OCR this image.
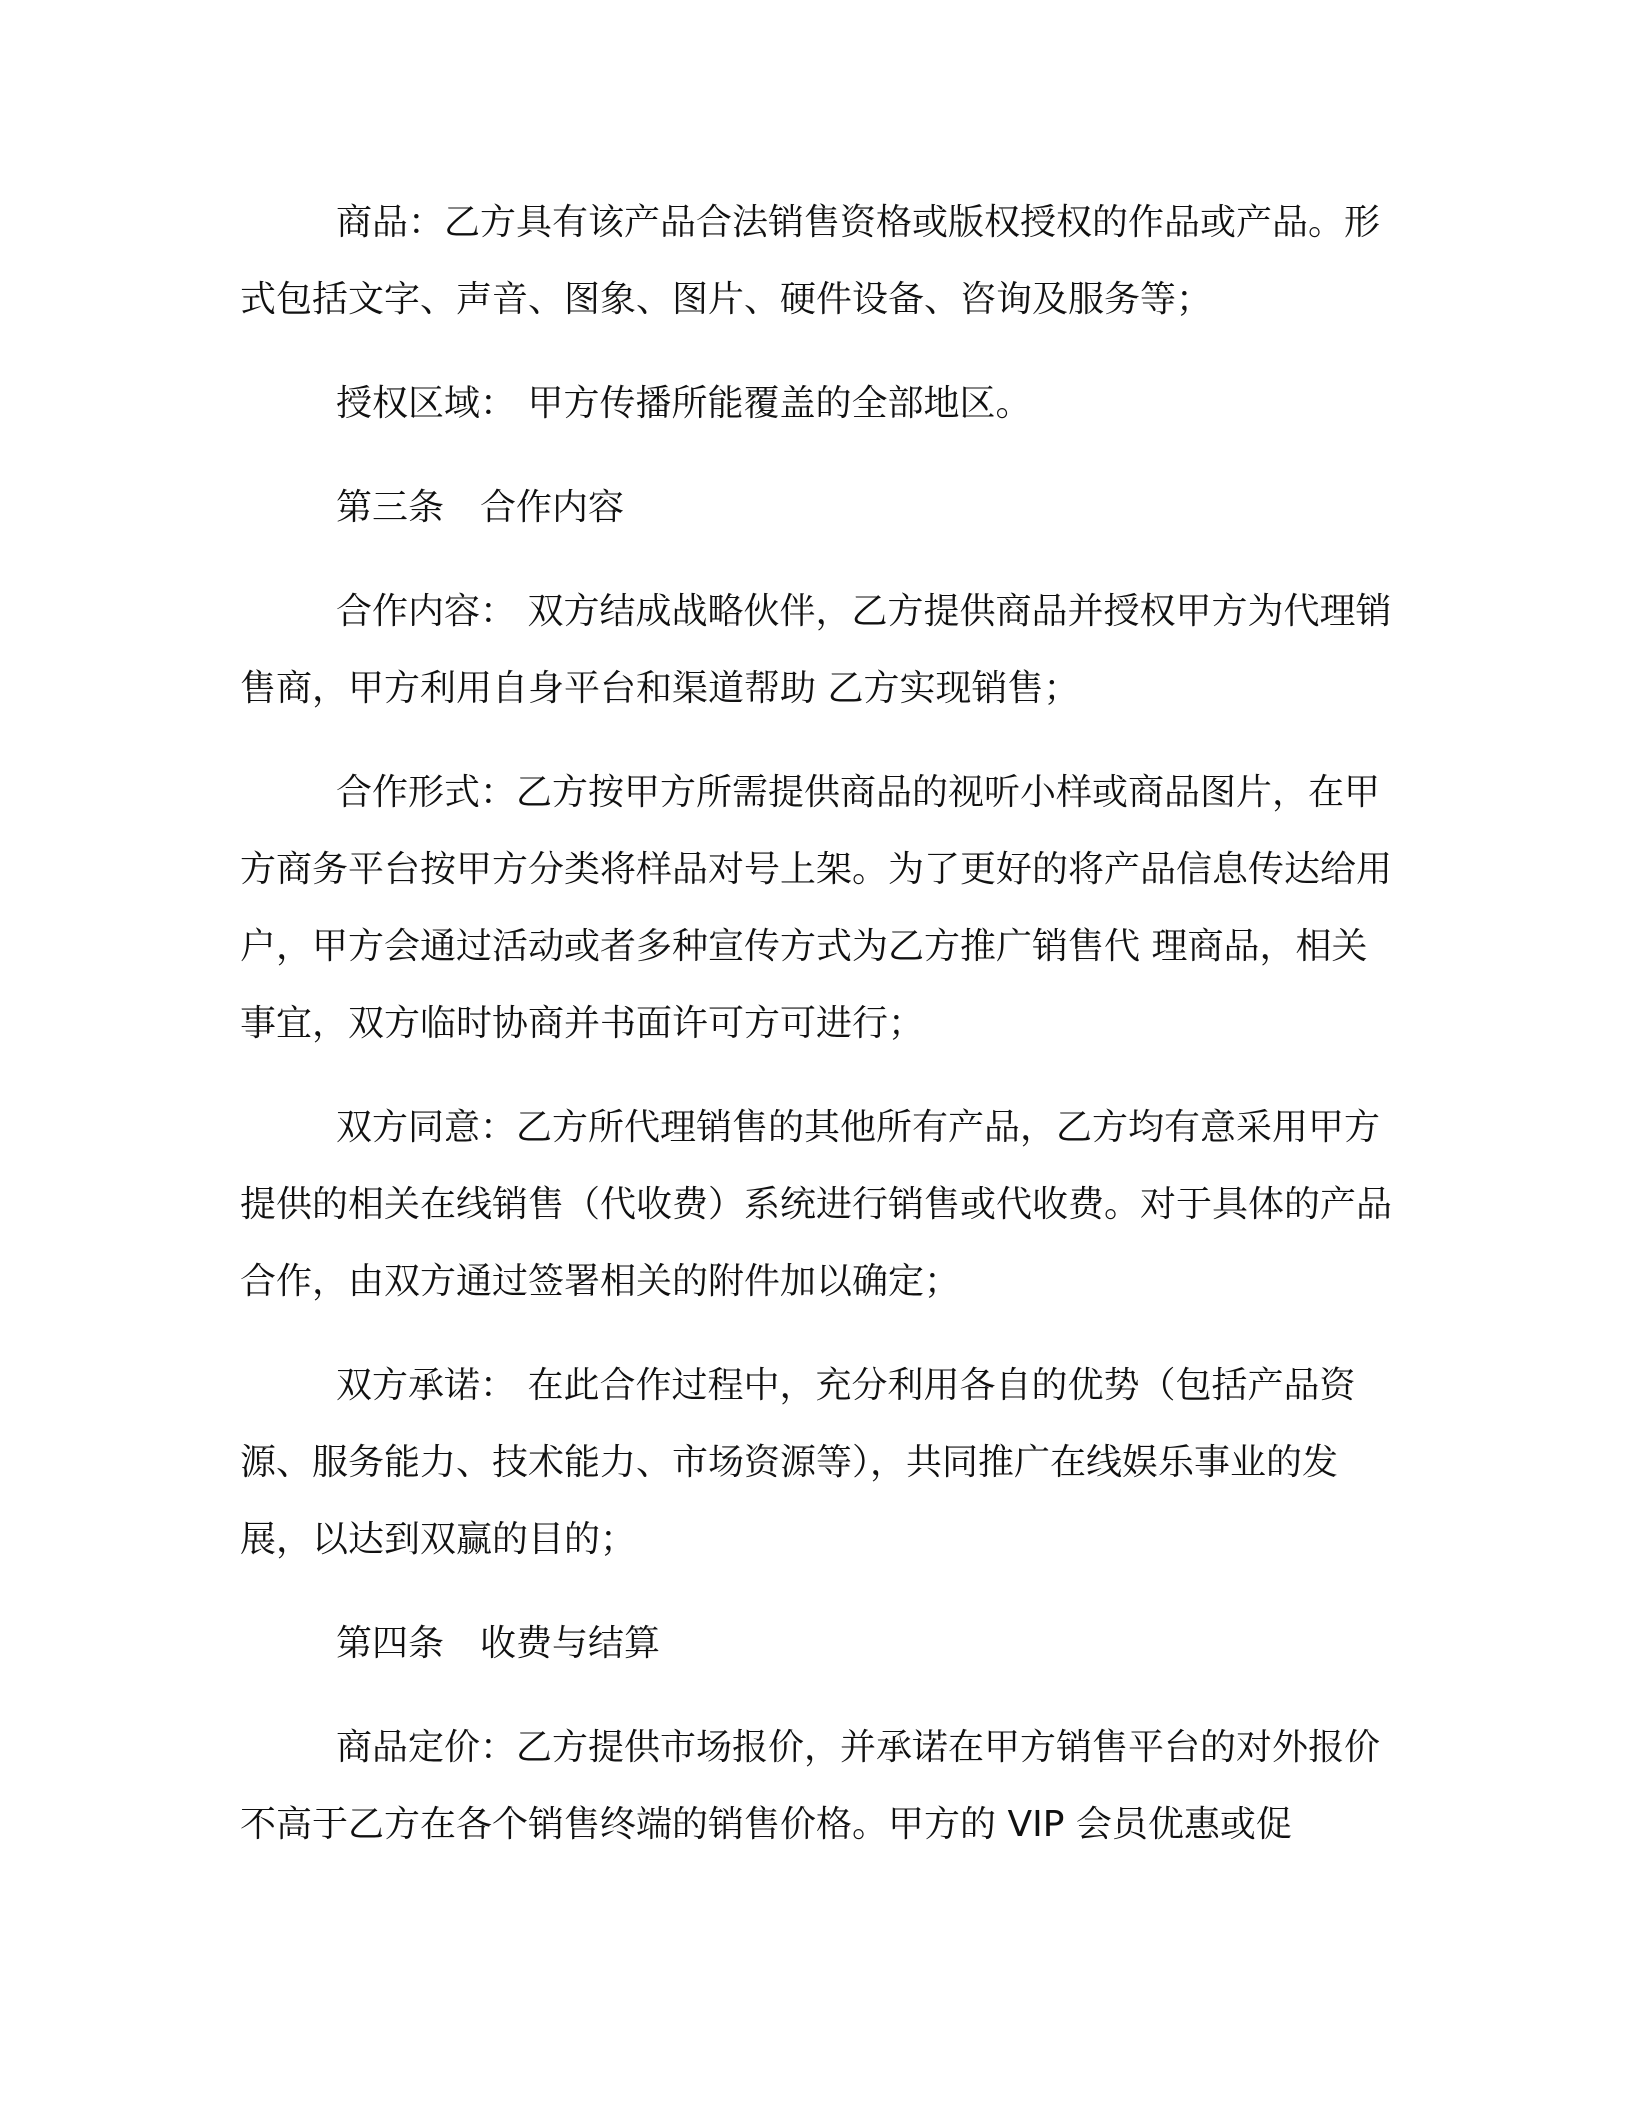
商品：乙方具有该产品合法销售资格或版权授权的作品或产品。形式包括文字、声音、图象、图片、硬件设备、咨询及服务等；

授权区域： 甲方传播所能覆盖的全部地区。

第三条　合作内容

合作内容： 双方结成战略伙伴，乙方提供商品并授权甲方为代理销售商，甲方利用自身平台和渠道帮助 乙方实现销售；

合作形式：乙方按甲方所需提供商品的视听小样或商品图片，在甲方商务平台按甲方分类将样品对号上架。为了更好的将产品信息传达给用户，甲方会通过活动或者多种宣传方式为乙方推广销售代 理商品，相关事宜，双方临时协商并书面许可方可进行；

双方同意：乙方所代理销售的其他所有产品，乙方均有意采用甲方提供的相关在线销售（代收费）系统进行销售或代收费。对于具体的产品合作，由双方通过签署相关的附件加以确定；

双方承诺： 在此合作过程中，充分利用各自的优势（包括产品资源、服务能力、技术能力、市场资源等），共同推广在线娱乐事业的发展，以达到双赢的目的；

第四条　收费与结算

商品定价：乙方提供市场报价，并承诺在甲方销售平台的对外报价不高于乙方在各个销售终端的销售价格。甲方的 VIP 会员优惠或促
